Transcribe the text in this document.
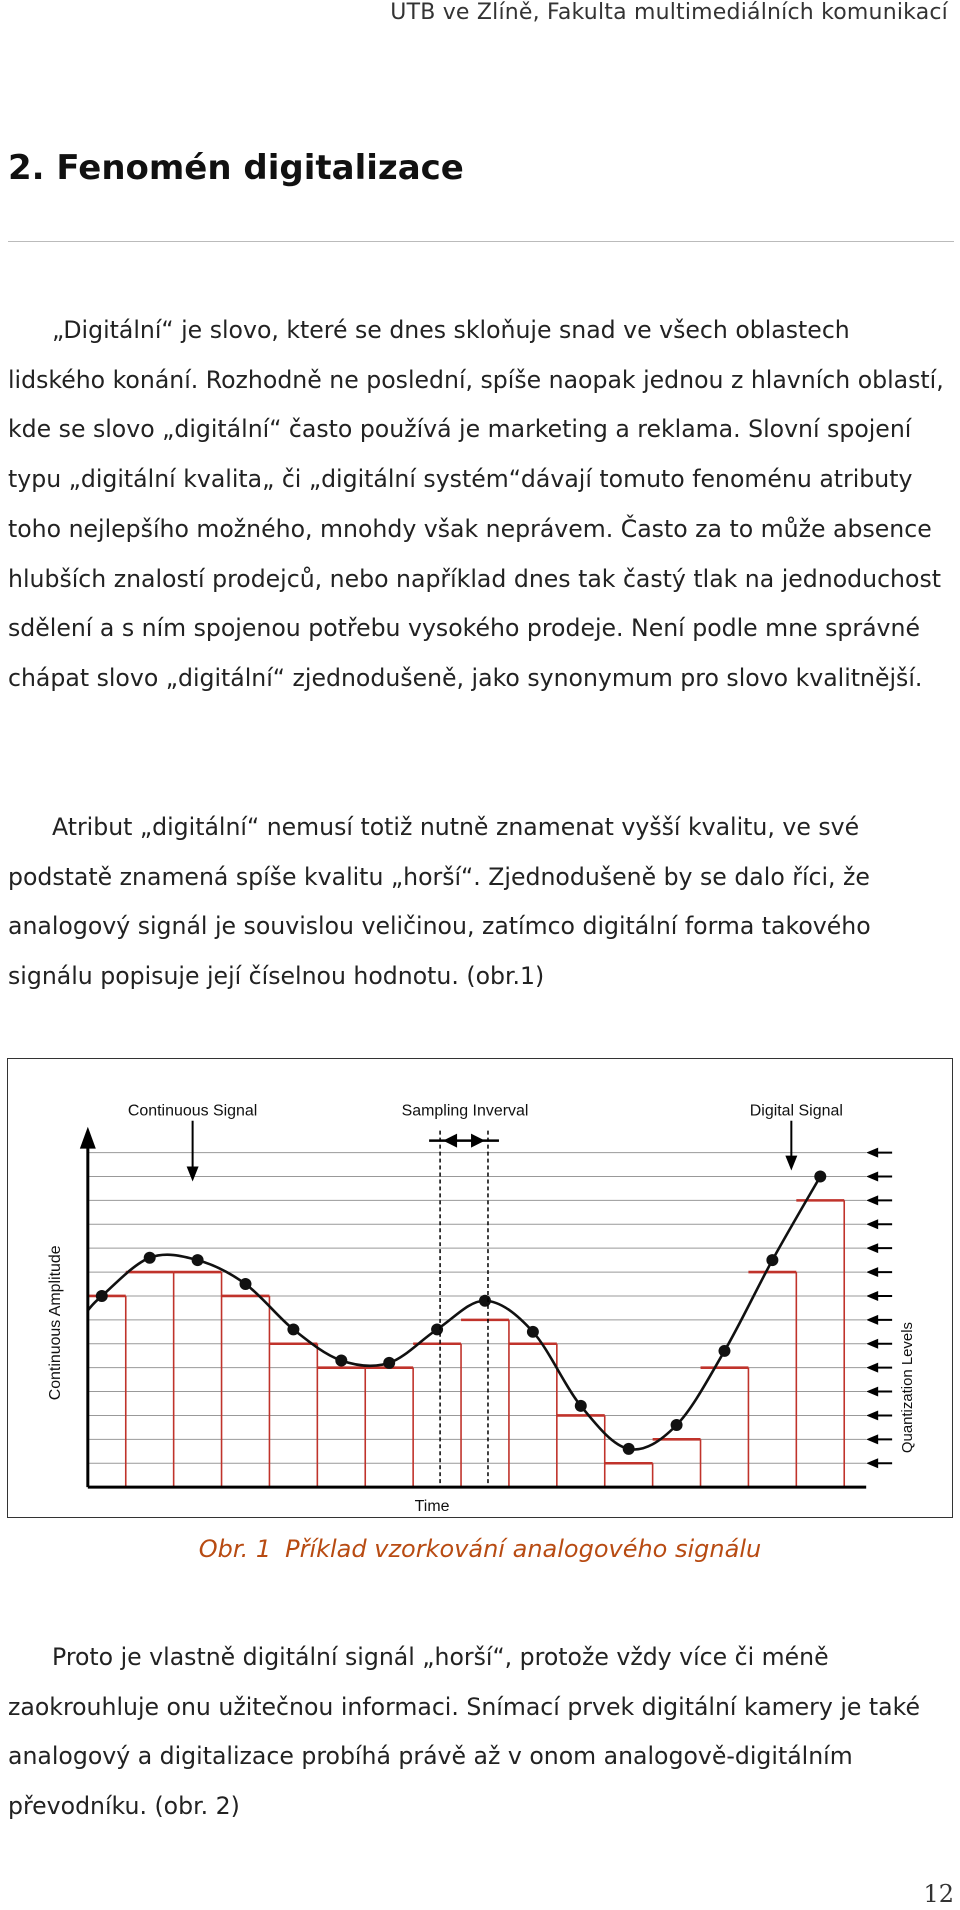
UTB ve Zlíně, Fakulta multimediálních komunikací
2. Fenomén digitalizace

„Digitální“ je slovo, které se dnes skloňuje snad ve všech oblastech lidského konání. Rozhodně ne poslední, spíše naopak jednou z hlavních oblastí, kde se slovo „digitální“ často používá je marketing a reklama. Slovní spojení typu „digitální kvalita„ či „digitální systém“dávají tomuto fenoménu atributy toho nejlepšího možného, mnohdy však neprávem. Často za to může absence hlubších znalostí prodejců, nebo například dnes tak častý tlak na jednoduchost sdělení a s ním spojenou potřebu vysokého prodeje. Není podle mne správné chápat slovo „digitální“ zjednodušeně, jako synonymum pro slovo kvalitnější.

Atribut „digitální“ nemusí totiž nutně znamenat vyšší kvalitu, ve své podstatě znamená spíše kvalitu „horší“. Zjednodušeně by se dalo říci, že analogový signál je souvislou veličinou, zatímco digitální forma takového signálu popisuje její číselnou hodnotu. (obr.1)

Continuous Signal	Sampling Inverval	Digital Signal
Continuous Amplitude
Time
Quantization Levels
Obr. 1 Příklad vzorkování analogového signálu

Proto je vlastně digitální signál „horší“, protože vždy více či méně zaokrouhluje onu užitečnou informaci. Snímací prvek digitální kamery je také analogový a digitalizace probíhá právě až v onom analogově-digitálním převodníku. (obr. 2)

12
